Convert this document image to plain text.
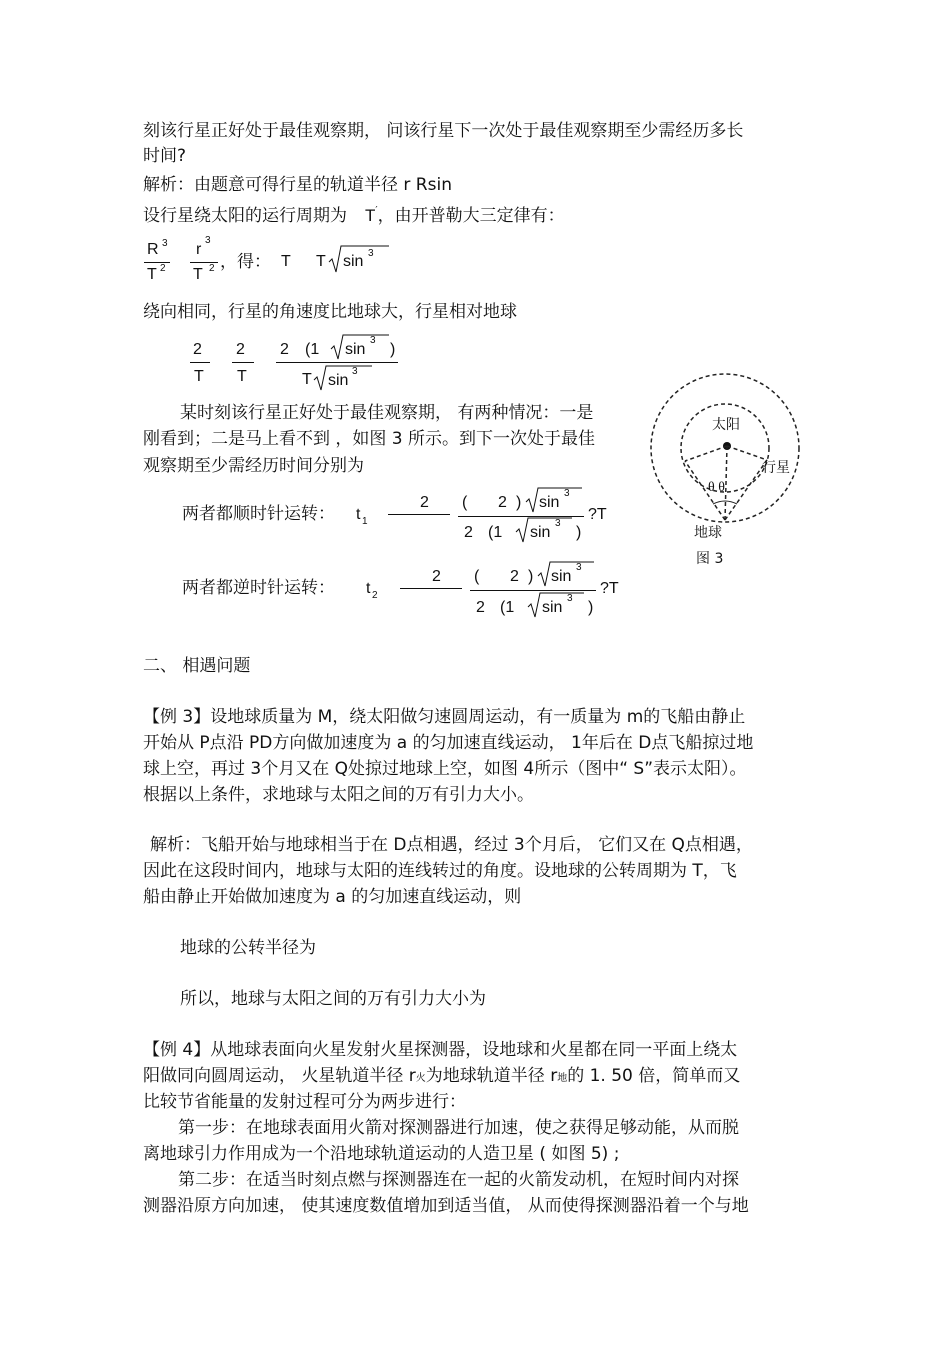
刻该行星正好处于最佳观察期， 问该行星下一次处于最佳观察期至少需经历多长
时间?
解析：由题意可得行星的轨道半径 r Rsin
设行星绕太阳的运行周期为 T′，由开普勒大三定律有：
R 3
T 2
r
3
T 2 ，得： T T sin 3
绕向相同，行星的角速度比地球大，行星相对地球
2
T
2
T
2 (1 sin
3
)
T sin
3
某时刻该行星正好处于最佳观察期， 有两种情况：一是
刚看到；二是马上看不到 ，如图 3 所示。到下一次处于最佳
观察期至少需经历时间分别为
两者都顺时针运转： t 1
2 ( 2 ) sin
3
2 (1 sin
3
)
?T
两者都逆时针运转： t 2
2 ( 2 ) sin
3
2 (1 sin
3
)
?T
太阳
行星
θ θ
地球
图 3
二、 相遇问题
【例 3】设地球质量为 M，绕太阳做匀速圆周运动，有一质量为 m的飞船由静止
开始从 P点沿 PD方向做加速度为 a 的匀加速直线运动， 1年后在 D点飞船掠过地
球上空，再过 3个月又在 Q处掠过地球上空，如图 4所示（图中“ S”表示太阳）。
根据以上条件，求地球与太阳之间的万有引力大小。
解析：飞船开始与地球相当于在 D点相遇，经过 3个月后， 它们又在 Q点相遇，
因此在这段时间内，地球与太阳的连线转过的角度。设地球的公转周期为 T，飞
船由静止开始做加速度为 a 的匀加速直线运动，则
地球的公转半径为
所以，地球与太阳之间的万有引力大小为
【例 4】从地球表面向火星发射火星探测器，设地球和火星都在同一平面上绕太
阳做同向圆周运动， 火星轨道半径 r火为地球轨道半径 r地的 1. 50 倍，简单而又
比较节省能量的发射过程可分为两步进行：
第一步：在地球表面用火箭对探测器进行加速，使之获得足够动能，从而脱
离地球引力作用成为一个沿地球轨道运动的人造卫星 ( 如图 5) ;
第二步：在适当时刻点燃与探测器连在一起的火箭发动机，在短时间内对探
测器沿原方向加速， 使其速度数值增加到适当值， 从而使得探测器沿着一个与地
